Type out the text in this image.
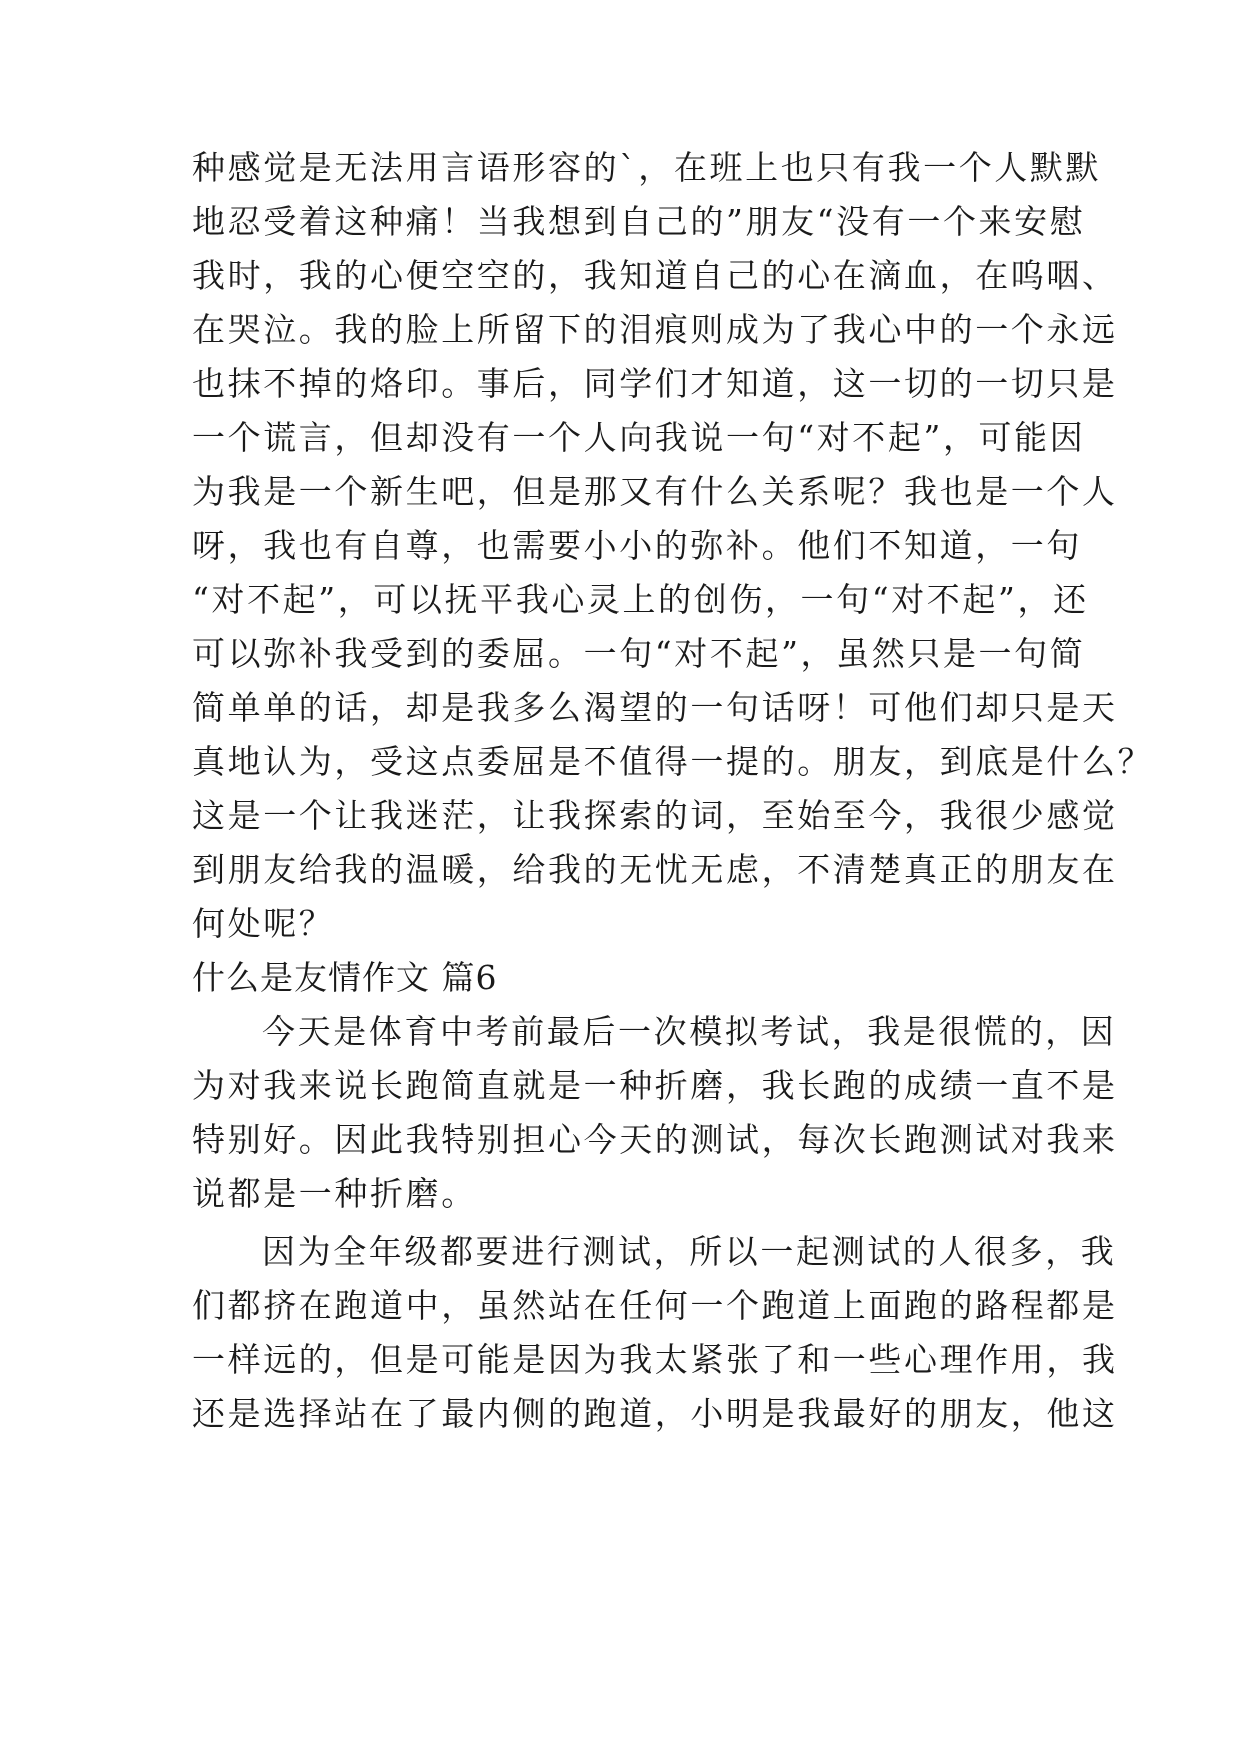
种感觉是无法用言语形容的`，在班上也只有我一个人默默
地忍受着这种痛！当我想到自己的”朋友“没有一个来安慰
我时，我的心便空空的，我知道自己的心在滴血，在呜咽、
在哭泣。我的脸上所留下的泪痕则成为了我心中的一个永远
也抹不掉的烙印。事后，同学们才知道，这一切的一切只是
一个谎言，但却没有一个人向我说一句“对不起”，可能因
为我是一个新生吧，但是那又有什么关系呢？我也是一个人
呀，我也有自尊，也需要小小的弥补。他们不知道，一句
“对不起”，可以抚平我心灵上的创伤，一句“对不起”，还
可以弥补我受到的委屈。一句“对不起”，虽然只是一句简
简单单的话，却是我多么渴望的一句话呀！可他们却只是天
真地认为，受这点委屈是不值得一提的。朋友，到底是什么？
这是一个让我迷茫，让我探索的词，至始至今，我很少感觉
到朋友给我的温暖，给我的无忧无虑，不清楚真正的朋友在
何处呢？
什么是友情作文 篇6
今天是体育中考前最后一次模拟考试，我是很慌的，因
为对我来说长跑简直就是一种折磨，我长跑的成绩一直不是
特别好。因此我特别担心今天的测试，每次长跑测试对我来
说都是一种折磨。
因为全年级都要进行测试，所以一起测试的人很多，我
们都挤在跑道中，虽然站在任何一个跑道上面跑的路程都是
一样远的，但是可能是因为我太紧张了和一些心理作用，我
还是选择站在了最内侧的跑道，小明是我最好的朋友，他这
